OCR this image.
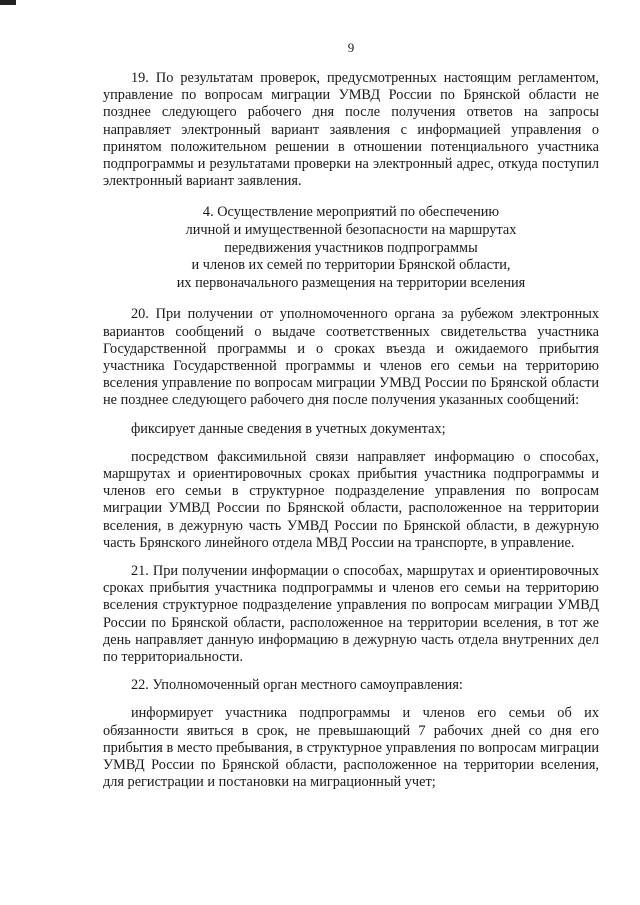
9

19. По результатам проверок, предусмотренных настоящим регламентом, управление по вопросам миграции УМВД России по Брянской области не позднее следующего рабочего дня после получения ответов на запросы направляет электронный вариант заявления с информацией управления о принятом положительном решении в отношении потенциального участника подпрограммы и результатами проверки на электронный адрес, откуда поступил электронный вариант заявления.

4. Осуществление мероприятий по обеспечению
личной и имущественной безопасности на маршрутах
передвижения участников подпрограммы
и членов их семей по территории Брянской области,
их первоначального размещения на территории вселения

20. При получении от уполномоченного органа за рубежом электронных вариантов сообщений о выдаче соответственных свидетельства участника Государственной программы и о сроках въезда и ожидаемого прибытия участника Государственной программы и членов его семьи на территорию вселения управление по вопросам миграции УМВД России по Брянской области не позднее следующего рабочего дня после получения указанных сообщений:

фиксирует данные сведения в учетных документах;

посредством факсимильной связи направляет информацию о способах, маршрутах и ориентировочных сроках прибытия участника подпрограммы и членов его семьи в структурное подразделение управления по вопросам миграции УМВД России по Брянской области, расположенное на территории вселения, в дежурную часть УМВД России по Брянской области, в дежурную часть Брянского линейного отдела МВД России на транспорте, в управление.

21. При получении информации о способах, маршрутах и ориентировочных сроках прибытия участника подпрограммы и членов его семьи на территорию вселения структурное подразделение управления по вопросам миграции УМВД России по Брянской области, расположенное на территории вселения, в тот же день направляет данную информацию в дежурную часть отдела внутренних дел по территориальности.

22. Уполномоченный орган местного самоуправления:

информирует участника подпрограммы и членов его семьи об их обязанности явиться в срок, не превышающий 7 рабочих дней со дня его прибытия в место пребывания, в структурное управления по вопросам миграции УМВД России по Брянской области, расположенное на территории вселения, для регистрации и постановки на миграционный учет;
